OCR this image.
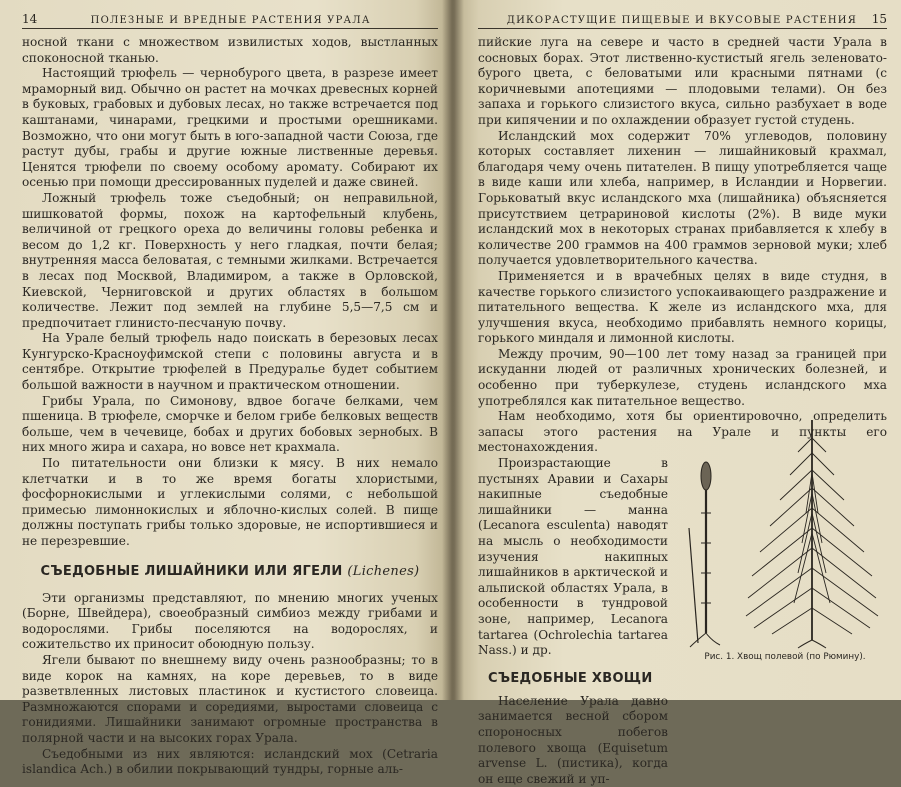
14	ПОЛЕЗНЫЕ И ВРЕДНЫЕ РАСТЕНИЯ УРАЛА

носной ткани с множеством извилистых ходов, выстланных споконосной тканью.

Настоящий трюфель — чернобурого цвета, в разрезе имеет мраморный вид. Обычно он растет на мочках древесных корней в буковых, грабовых и дубовых лесах, но также встречается под каштанами, чинарами, грецкими и простыми орешниками. Возможно, что они могут быть в юго-западной части Союза, где растут дубы, грабы и другие южные лиственные деревья. Ценятся трюфели по своему особому аромату. Собирают их осенью при помощи дрессированных пуделей и даже свиней.

Ложный трюфель тоже съедобный; он неправильной, шишковатой формы, похож на картофельный клубень, величиной от грецкого ореха до величины головы ребенка и весом до 1,2 кг. Поверхность у него гладкая, почти белая; внутренняя масса беловатая, с темными жилками. Встречается в лесах под Москвой, Владимиром, а также в Орловской, Киевской, Черниговской и других областях в большом количестве. Лежит под землей на глубине 5,5—7,5 см и предпочитает глинисто-песчаную почву.

На Урале белый трюфель надо поискать в березовых лесах Кунгурско-Красноуфимской степи с половины августа и в сентябре. Открытие трюфелей в Предуралье будет событием большой важности в научном и практическом отношении.

Грибы Урала, по Симонову, вдвое богаче белками, чем пшеница. В трюфеле, сморчке и белом грибе белковых веществ больше, чем в чечевице, бобах и других бобовых зернобых. В них много жира и сахара, но вовсе нет крахмала.

По питательности они близки к мясу. В них немало клетчатки и в то же время богаты хлористыми, фосфорнокислыми и углекислыми солями, с небольшой примесью лимоннокислых и яблочно-кислых солей. В пище должны поступать грибы только здоровые, не испортившиеся и не перезревшие.

СЪЕДОБНЫЕ ЛИШАЙНИКИ ИЛИ ЯГЕЛИ (Lichenes)

Эти организмы представляют, по мнению многих ученых (Борне, Швейдера), своеобразный симбиоз между грибами и водорослями. Грибы поселяются на водорослях, и сожительство их приносит обоюдную пользу.

Ягели бывают по внешнему виду очень разнообразны; то в виде корок на камнях, на коре деревьев, то в виде разветвленных листовых пластинок и кустистого словеица. Размножаются спорами и соредиями, выростами словеица с гонидиями. Лишайники занимают огромные пространства в полярной части и на высоких горах Урала.

Съедобными из них являются: исландский мох (Cetraria islandica Ach.) в обилии покрывающий тундры, горные аль-

ДИКОРАСТУЩИЕ ПИЩЕВЫЕ И ВКУСОВЫЕ РАСТЕНИЯ 15

пийские луга на севере и часто в средней части Урала в сосновых борах. Этот лиственно-кустистый ягель зеленовато-бурого цвета, с беловатыми или красными пятнами (с коричневыми апотециями — плодовыми телами). Он без запаха и горького слизистого вкуса, сильно разбухает в воде при кипячении и по охлаждении образует густой студень.

Исландский мох содержит 70% углеводов, половину которых составляет лихенин — лишайниковый крахмал, благодаря чему очень питателен. В пищу употребляется чаще в виде каши или хлеба, например, в Исландии и Норвегии. Горьковатый вкус исландского мха (лишайника) объясняется присутствием цетрариновой кислоты (2%). В виде муки исландский мох в некоторых странах прибавляется к хлебу в количестве 200 граммов на 400 граммов зерновой муки; хлеб получается удовлетворительного качества.

Применяется и в врачебных целях в виде студня, в качестве горького слизистого успокаивающего раздражение и питательного вещества. К желе из исландского мха, для улучшения вкуса, необходимо прибавлять немного корицы, горького миндаля и лимонной кислоты.

Между прочим, 90—100 лет тому назад за границей при искуданни людей от различных хронических болезней, и особенно при туберкулезе, студень исландского мха употреблялся как питательное вещество.

Нам необходимо, хотя бы ориентировочно, определить запасы этого растения на Урале и пункты его местонахождения.

Произрастающие в пустынях Аравии и Сахары накипные съедобные лишайники — манна (Lecanora esculenta) наводят на мысль о необходимости изучения накипных лишайников в арктической и альпиской областях Урала, в особенности в тундровой зоне, например, Lecanora tartarea (Ochrolechia tartarea Nass.) и др.

СЪЕДОБНЫЕ ХВОЩИ

Население Урала давно занимается весной сбором спороносных побегов полевого хвоща (Equisetum arvense L. (пистика), когда он еще свежий и уп-

Рис. 1. Хвощ полевой (по Рюмину).
